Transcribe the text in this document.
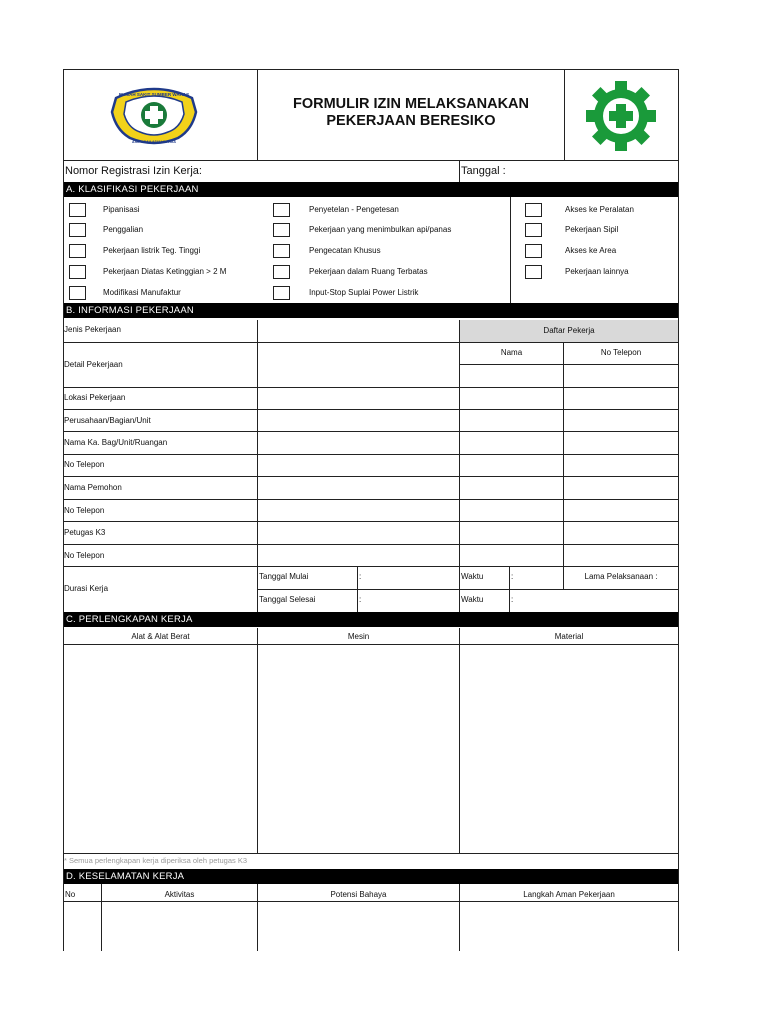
RUMAH SAKIT SUMBER WARAS
ASIH ASAH ASUH WARAS
FORMULIR IZIN MELAKSANAKAN
PEKERJAAN BERESIKO
Nomor Registrasi Izin Kerja:	Tanggal :
A. KLASIFIKASI PEKERJAAN
Pipanisasi
Penggalian
Pekerjaan listrik Teg. Tinggi
Pekerjaan Diatas Ketinggian > 2 M
Modifikasi Manufaktur
Penyetelan - Pengetesan
Pekerjaan yang menimbulkan api/panas
Pengecatan Khusus
Pekerjaan dalam Ruang Terbatas
Input-Stop Suplai Power Listrik
Akses ke Peralatan
Pekerjaan Sipil
Akses ke Area
Pekerjaan lainnya
B. INFORMASI PEKERJAAN
Jenis Pekerjaan
Detail Pekerjaan
Lokasi Pekerjaan
Perusahaan/Bagian/Unit
Nama Ka. Bag/Unit/Ruangan
No Telepon
Nama Pemohon
No Telepon
Petugas K3
No Telepon
Durasi Kerja
Daftar Pekerja
Nama	No Telepon
Tanggal Mulai	:	Waktu	:	Lama Pelaksanaan :
Tanggal Selesai	:	Waktu	:
C. PERLENGKAPAN KERJA
Alat & Alat Berat	Mesin	Material
* Semua perlengkapan kerja diperiksa oleh petugas K3
D. KESELAMATAN KERJA
No	Aktivitas	Potensi Bahaya	Langkah Aman Pekerjaan
